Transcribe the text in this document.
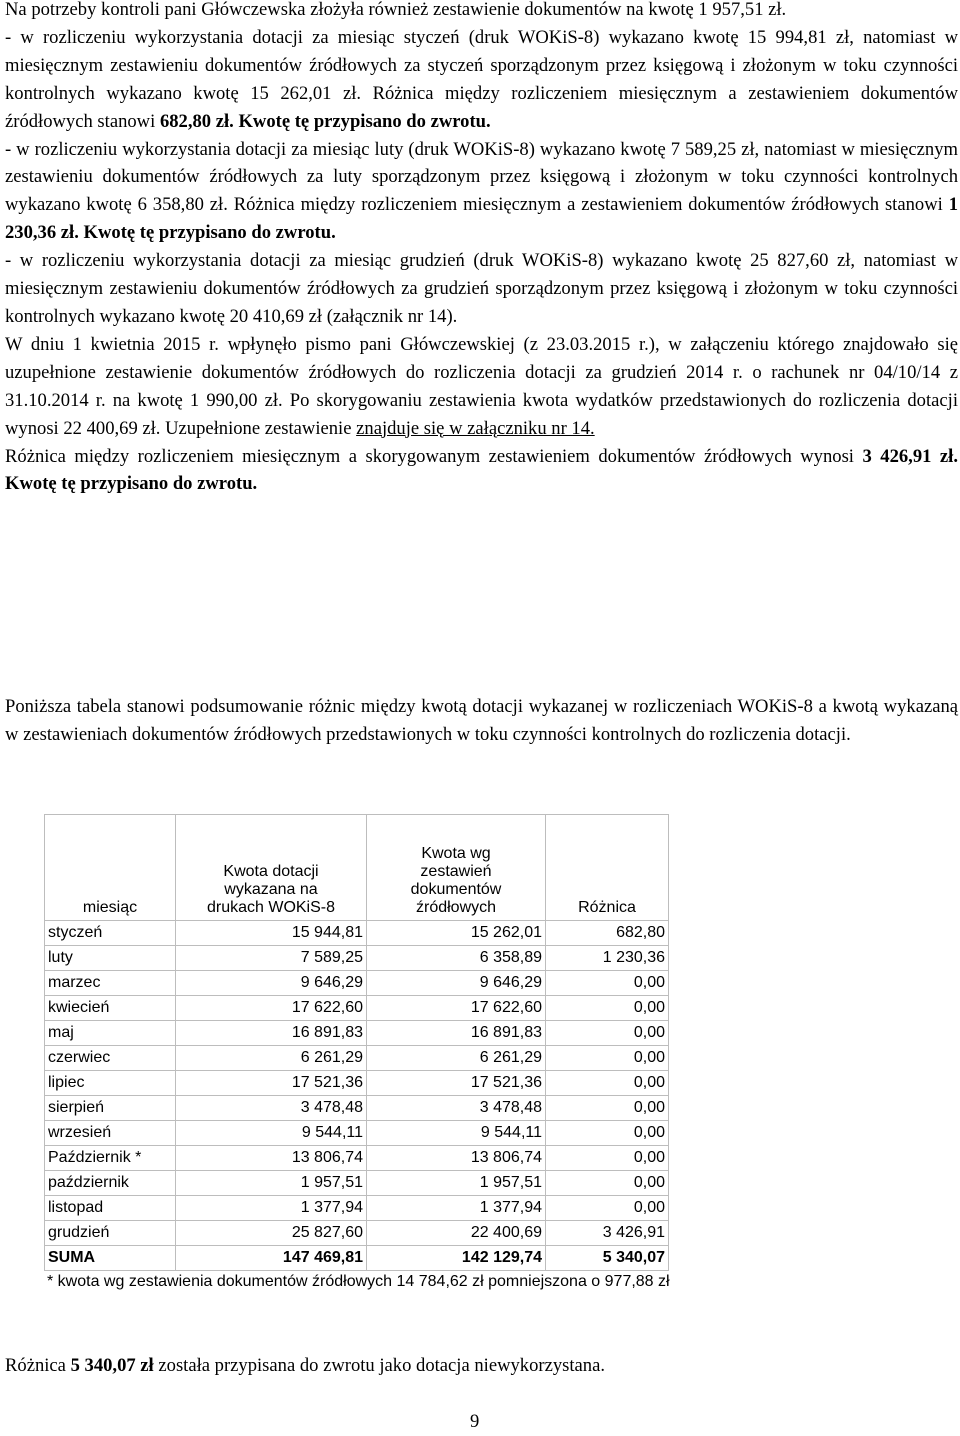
Na potrzeby kontroli pani Główczewska złożyła również zestawienie dokumentów na kwotę 1 957,51 zł.

- w rozliczeniu wykorzystania dotacji za miesiąc styczeń (druk WOKiS-8) wykazano kwotę 15 994,81 zł, natomiast w miesięcznym zestawieniu dokumentów źródłowych za styczeń sporządzonym przez księgową i złożonym w toku czynności kontrolnych wykazano kwotę 15 262,01 zł. Różnica między rozliczeniem miesięcznym a zestawieniem dokumentów źródłowych stanowi 682,80 zł. Kwotę tę przypisano do zwrotu.

- w rozliczeniu wykorzystania dotacji za miesiąc luty (druk WOKiS-8) wykazano kwotę 7 589,25 zł, natomiast w miesięcznym zestawieniu dokumentów źródłowych za luty sporządzonym przez księgową i złożonym w toku czynności kontrolnych wykazano kwotę 6 358,80 zł. Różnica między rozliczeniem miesięcznym a zestawieniem dokumentów źródłowych stanowi 1 230,36 zł. Kwotę tę przypisano do zwrotu.

- w rozliczeniu wykorzystania dotacji za miesiąc grudzień (druk WOKiS-8) wykazano kwotę 25 827,60 zł, natomiast w miesięcznym zestawieniu dokumentów źródłowych za grudzień sporządzonym przez księgową i złożonym w toku czynności kontrolnych wykazano kwotę 20 410,69 zł (załącznik nr 14).

W dniu 1 kwietnia 2015 r. wpłynęło pismo pani Główczewskiej (z 23.03.2015 r.), w załączeniu którego znajdowało się uzupełnione zestawienie dokumentów źródłowych do rozliczenia dotacji za grudzień 2014 r. o rachunek nr 04/10/14 z 31.10.2014 r. na kwotę 1 990,00 zł. Po skorygowaniu zestawienia kwota wydatków przedstawionych do rozliczenia dotacji wynosi 22 400,69 zł. Uzupełnione zestawienie znajduje się w załączniku nr 14.

Różnica między rozliczeniem miesięcznym a skorygowanym zestawieniem dokumentów źródłowych wynosi 3 426,91 zł. Kwotę tę przypisano do zwrotu.

Poniższa tabela stanowi podsumowanie różnic między kwotą dotacji wykazanej w rozliczeniach WOKiS-8 a kwotą wykazaną w zestawieniach dokumentów źródłowych przedstawionych w toku czynności kontrolnych do rozliczenia dotacji.

miesiąc	Kwota dotacji
wykazana na
drukach WOKiS-8	Kwota wg
zestawień
dokumentów
źródłowych	Różnica
styczeń	15 944,81	15 262,01	682,80
luty	7 589,25	6 358,89	1 230,36
marzec	9 646,29	9 646,29	0,00
kwiecień	17 622,60	17 622,60	0,00
maj	16 891,83	16 891,83	0,00
czerwiec	6 261,29	6 261,29	0,00
lipiec	17 521,36	17 521,36	0,00
sierpień	3 478,48	3 478,48	0,00
wrzesień	9 544,11	9 544,11	0,00
Październik *	13 806,74	13 806,74	0,00
październik	1 957,51	1 957,51	0,00
listopad	1 377,94	1 377,94	0,00
grudzień	25 827,60	22 400,69	3 426,91
SUMA	147 469,81	142 129,74	5 340,07
* kwota wg zestawienia dokumentów źródłowych 14 784,62 zł pomniejszona o 977,88 zł
Różnica 5 340,07 zł została przypisana do zwrotu jako dotacja niewykorzystana.
9
